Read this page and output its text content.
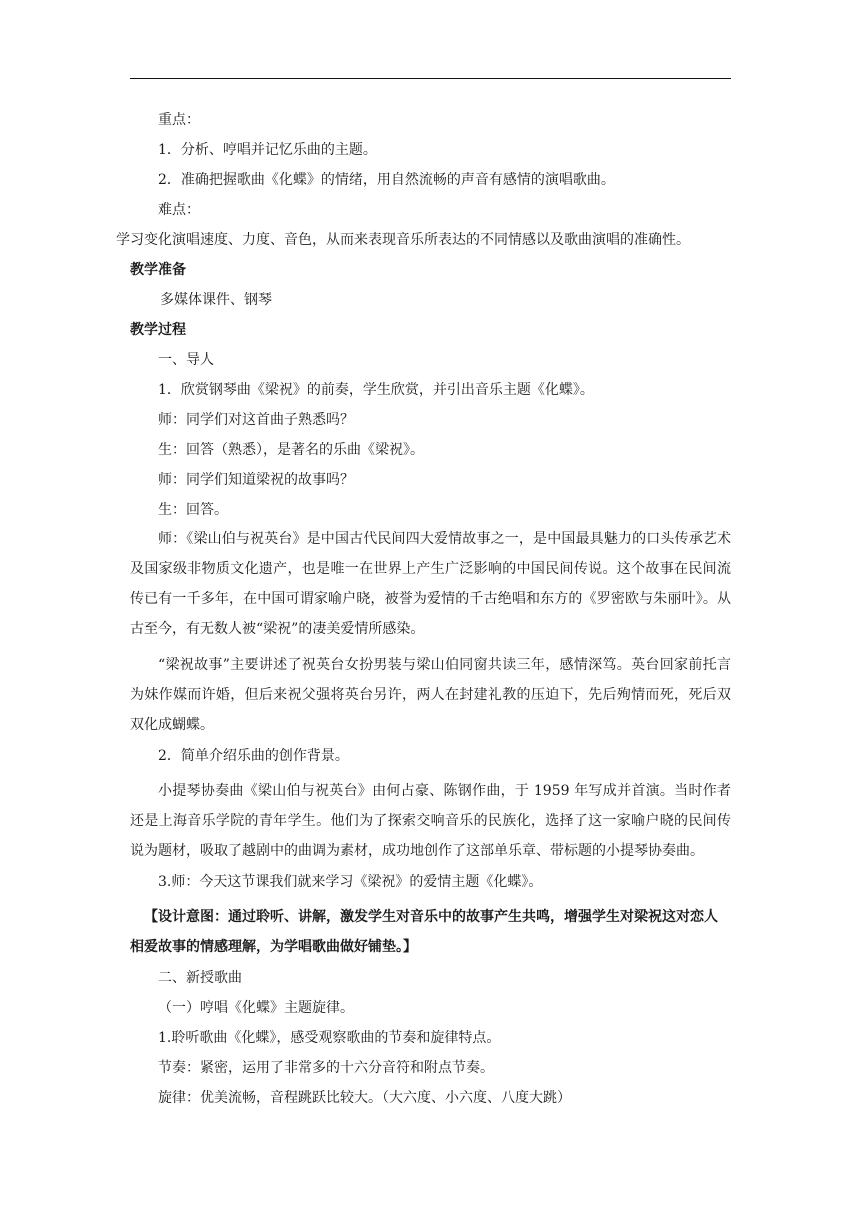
重点：
1．分析、哼唱并记忆乐曲的主题。
2．准确把握歌曲《化蝶》的情绪，用自然流畅的声音有感情的演唱歌曲。
难点：
学习变化演唱速度、力度、音色，从而来表现音乐所表达的不同情感以及歌曲演唱的准确性。
教学准备
多媒体课件、钢琴
教学过程
一、导人
1．欣赏钢琴曲《梁祝》的前奏，学生欣赏，并引出音乐主题《化蝶》。
师：同学们对这首曲子熟悉吗？
生：回答（熟悉），是著名的乐曲《梁祝》。
师：同学们知道梁祝的故事吗？
生：回答。

师：《梁山伯与祝英台》是中国古代民间四大爱情故事之一，是中国最具魅力的口头传承艺术及国家级非物质文化遗产，也是唯一在世界上产生广泛影响的中国民间传说。这个故事在民间流传已有一千多年，在中国可谓家喻户晓，被誉为爱情的千古绝唱和东方的《罗密欧与朱丽叶》。从古至今，有无数人被“梁祝”的凄美爱情所感染。

“梁祝故事”主要讲述了祝英台女扮男装与梁山伯同窗共读三年，感情深笃。英台回家前托言为妹作媒而许婚，但后来祝父强将英台另许，两人在封建礼教的压迫下，先后殉情而死，死后双双化成蝴蝶。

2．简单介绍乐曲的创作背景。

小提琴协奏曲《梁山伯与祝英台》由何占豪、陈钢作曲，于 1959 年写成并首演。当时作者还是上海音乐学院的青年学生。他们为了探索交响音乐的民族化，选择了这一家喻户晓的民间传说为题材，吸取了越剧中的曲调为素材，成功地创作了这部单乐章、带标题的小提琴协奏曲。

3.师：今天这节课我们就来学习《梁祝》的爱情主题《化蝶》。

【设计意图：通过聆听、讲解，激发学生对音乐中的故事产生共鸣，增强学生对梁祝这对恋人相爱故事的情感理解，为学唱歌曲做好铺垫。】

二、新授歌曲
（一）哼唱《化蝶》主题旋律。
1.聆听歌曲《化蝶》，感受观察歌曲的节奏和旋律特点。
节奏：紧密，运用了非常多的十六分音符和附点节奏。
旋律：优美流畅，音程跳跃比较大。（大六度、小六度、八度大跳）
